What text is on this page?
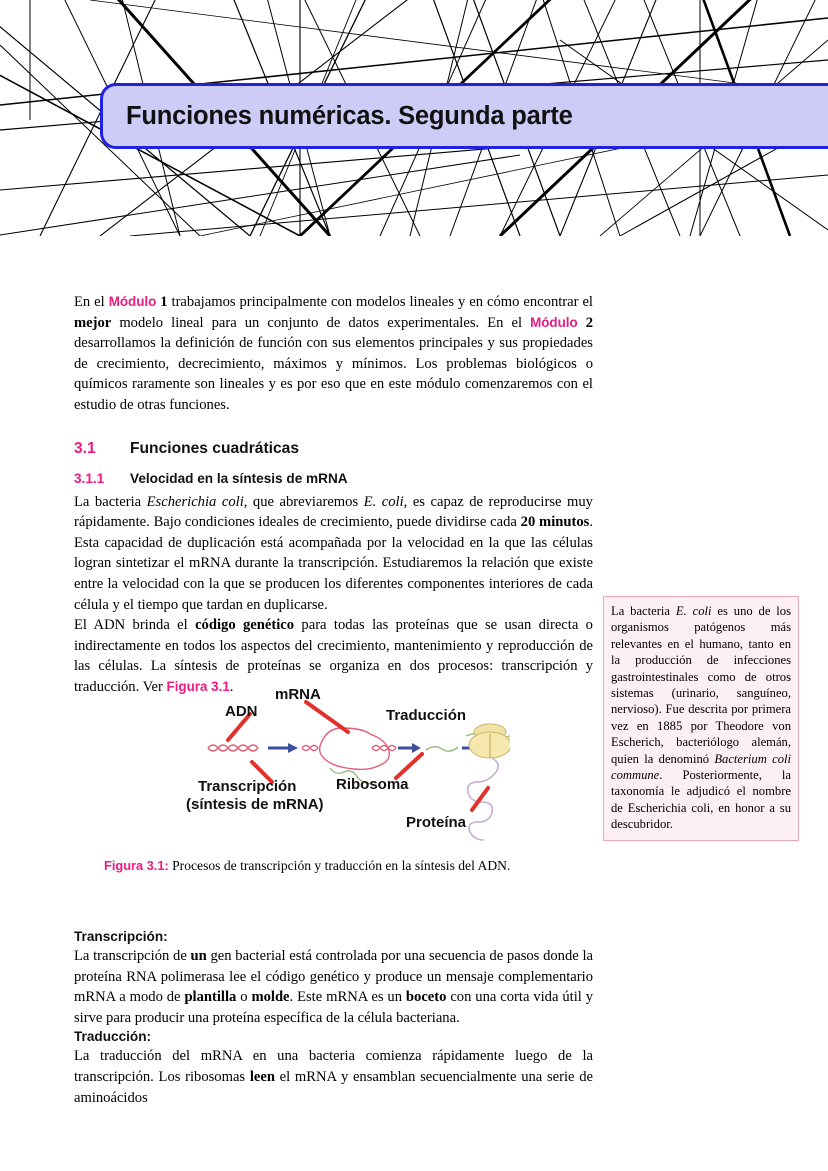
Funciones numéricas. Segunda parte

En el Módulo 1 trabajamos principalmente con modelos lineales y en cómo encontrar el mejor modelo lineal para un conjunto de datos experimentales. En el Módulo 2 desarrollamos la definición de función con sus elementos principales y sus propiedades de crecimiento, decrecimiento, máximos y mínimos. Los problemas biológicos o químicos raramente son lineales y es por eso que en este módulo comenzaremos con el estudio de otras funciones.

3.1	Funciones cuadráticas
3.1.1	Velocidad en la síntesis de mRNA

La bacteria Escherichia coli, que abreviaremos E. coli, es capaz de reproducirse muy rápidamente. Bajo condiciones ideales de crecimiento, puede dividirse cada 20 minutos. Esta capacidad de duplicación está acompañada por la velocidad en la que las células logran sintetizar el mRNA durante la transcripción. Estudiaremos la relación que existe entre la velocidad con la que se producen los diferentes componentes interiores de cada célula y el tiempo que tardan en duplicarse.

El ADN brinda el código genético para todas las proteínas que se usan directa o indirectamente en todos los aspectos del crecimiento, mantenimiento y reproducción de las células. La síntesis de proteínas se organiza en dos procesos: transcripción y traducción. Ver Figura 3.1.

La bacteria E. coli es uno de los organismos patógenos más relevantes en el humano, tanto en la producción de infecciones gastrointestinales como de otros sistemas (urinario, sanguíneo, nervioso). Fue descrita por primera vez en 1885 por Theodore von Escherich, bacteriólogo alemán, quien la denominó Bacterium coli commune. Posteriormente, la taxonomía le adjudicó el nombre de Escherichia coli, en honor a su descubridor.

ADN
mRNA
Traducción
Transcripción
(síntesis de mRNA)
Ribosoma
Proteína
Figura 3.1: Procesos de transcripción y traducción en la síntesis del ADN.
Transcripción:

La transcripción de un gen bacterial está controlada por una secuencia de pasos donde la proteína RNA polimerasa lee el código genético y produce un mensaje complementario mRNA a modo de plantilla o molde. Este mRNA es un boceto con una corta vida útil y sirve para producir una proteína específica de la célula bacteriana.

Traducción:

La traducción del mRNA en una bacteria comienza rápidamente luego de la transcripción. Los ribosomas leen el mRNA y ensamblan secuencialmente una serie de aminoácidos
